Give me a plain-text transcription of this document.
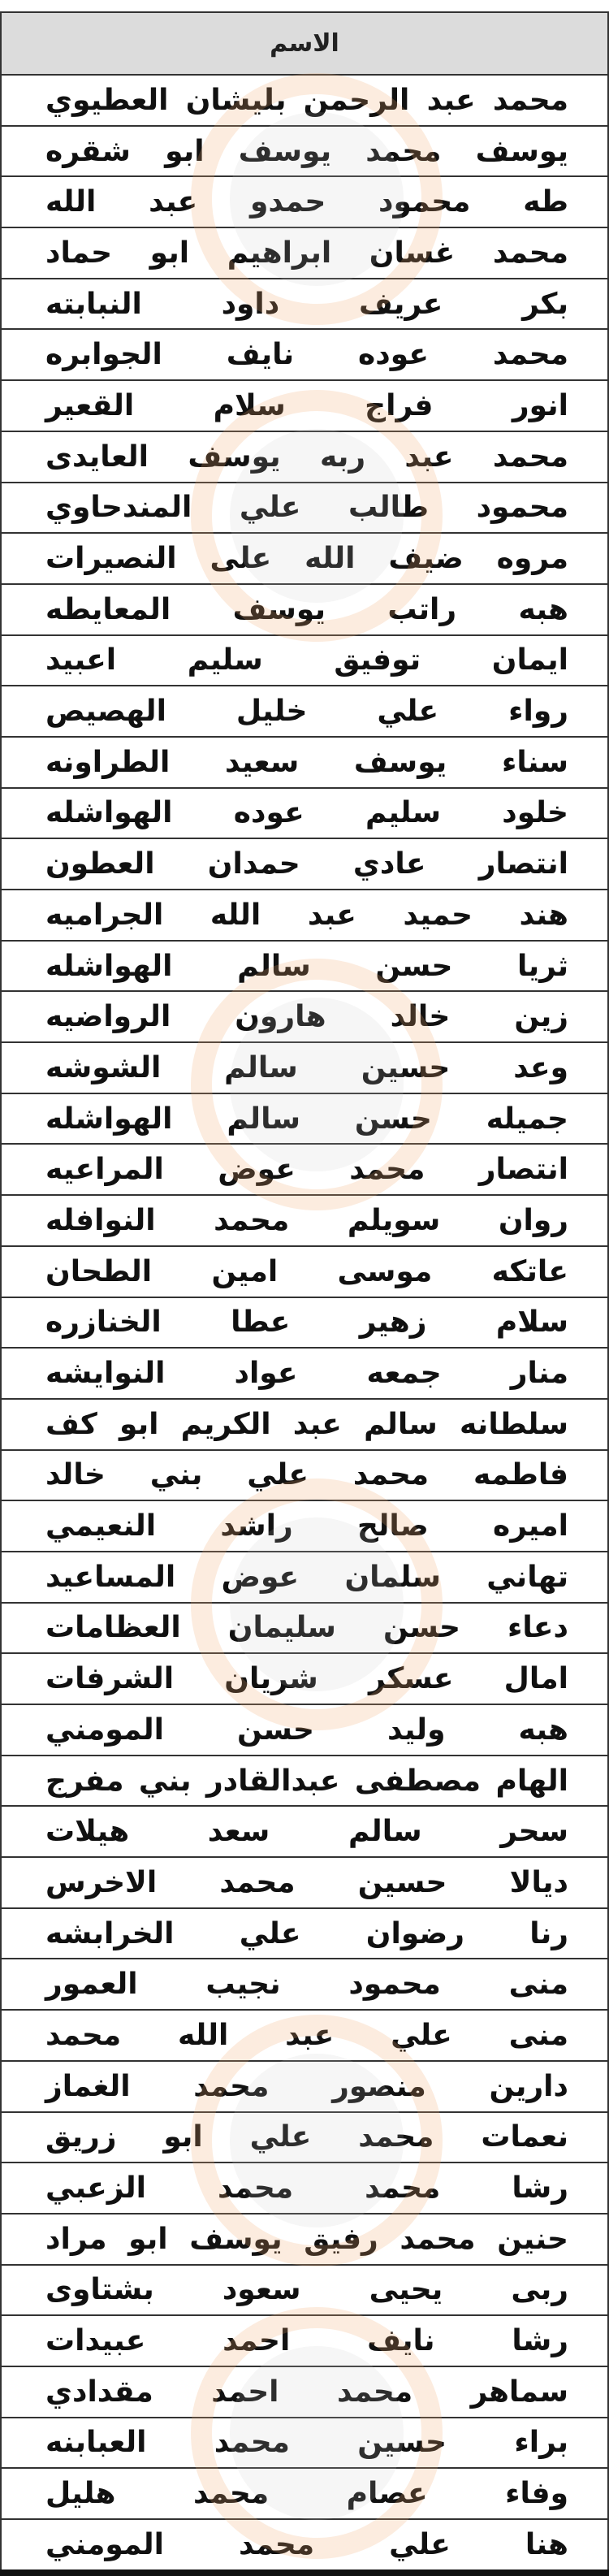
الاسم
محمد عبد الرحمن بليشان العطيوي
يوسف محمد يوسف ابو شقره
طه محمود حمدو عبد الله
محمد غسان ابراهيم ابو حماد
بكر عريف داود النبابته
محمد عوده نايف الجوابره
انور فراج سلام القعير
محمد عبد ربه يوسف العايدى
محمود طالب علي المندحاوي
مروه ضيف الله على النصيرات
هبه راتب يوسف المعايطه
ايمان توفيق سليم اعبيد
رواء علي خليل الهصيص
سناء يوسف سعيد الطراونه
خلود سليم عوده الهواشله
انتصار عادي حمدان العطون
هند حميد عبد الله الجراميه
ثريا حسن سالم الهواشله
زين خالد هارون الرواضيه
وعد حسين سالم الشوشه
جميله حسن سالم الهواشله
انتصار محمد عوض المراعيه
روان سويلم محمد النوافله
عاتكه موسى امين الطحان
سلام زهير عطا الخنازره
منار جمعه عواد النوايشه
سلطانه سالم عبد الكريم ابو كف
فاطمه محمد علي بني خالد
اميره صالح راشد النعيمي
تهاني سلمان عوض المساعيد
دعاء حسن سليمان العظامات
امال عسكر شريان الشرفات
هبه وليد حسن المومني
الهام مصطفى عبدالقادر بني مفرج
سحر سالم سعد هيلات
ديالا حسين محمد الاخرس
رنا رضوان علي الخرابشه
منى محمود نجيب العمور
منى علي عبد الله محمد
دارين منصور محمد الغماز
نعمات محمد علي ابو زريق
رشا محمد محمد الزعبي
حنين محمد رفيق يوسف ابو مراد
ربى يحيى سعود بشتاوى
رشا نايف احمد عبيدات
سماهر محمد احمد مقدادي
براء حسين محمد العبابنه
وفاء عصام محمد هليل
هنا علي محمد المومني
